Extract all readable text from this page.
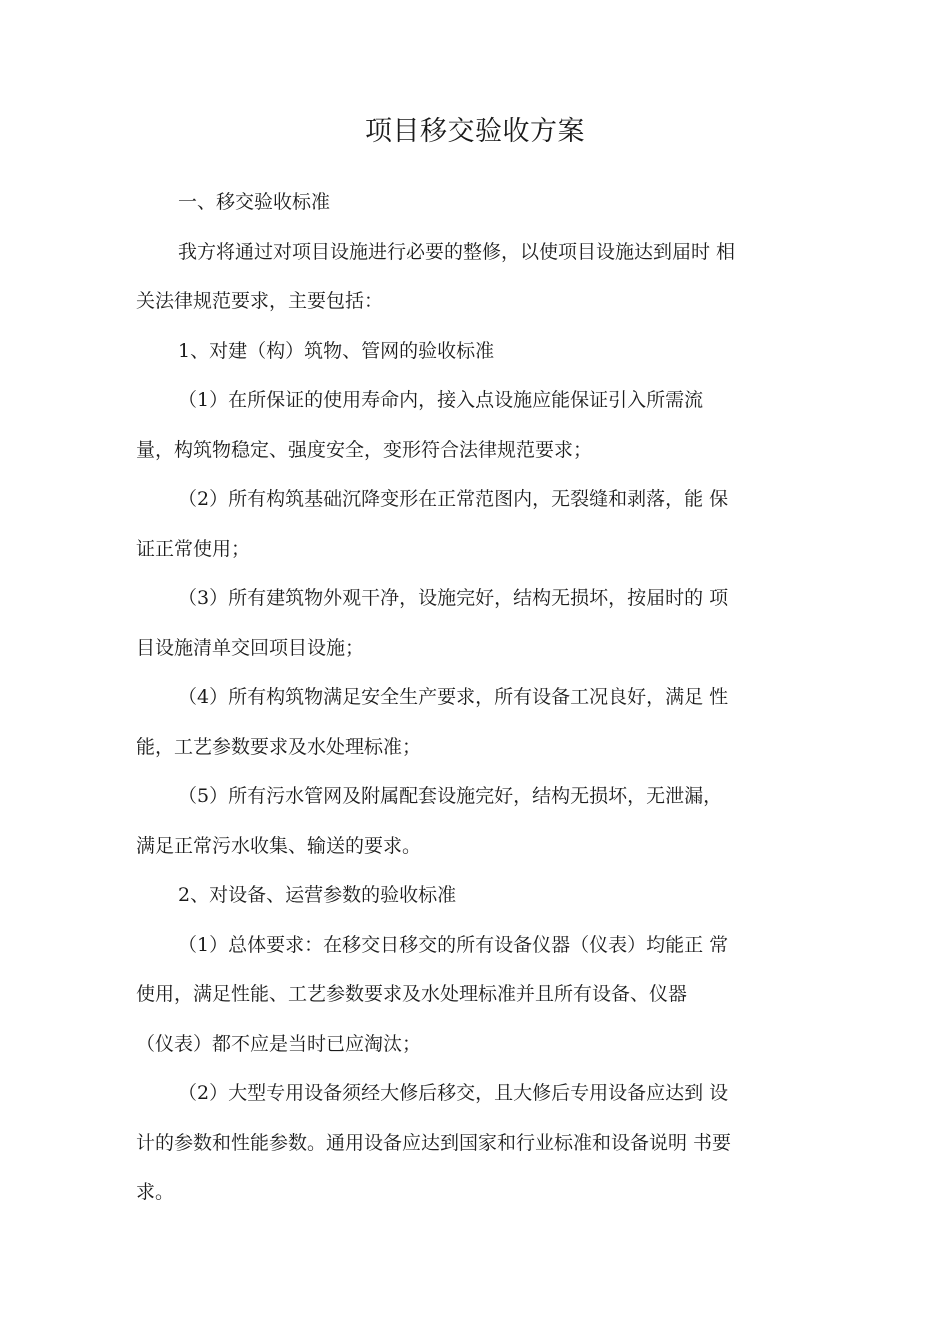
项目移交验收方案

一、移交验收标准

我方将通过对项目设施进行必要的整修，以使项目设施达到届时 相
关法律规范要求，主要包括：

1、对建（构）筑物、管网的验收标准

（1）在所保证的使用寿命内，接入点设施应能保证引入所需流
量，构筑物稳定、强度安全，变形符合法律规范要求；

（2）所有构筑基础沉降变形在正常范图内，无裂缝和剥落，能 保
证正常使用；

（3）所有建筑物外观干净，设施完好，结构无损坏，按届时的 项
目设施清单交回项目设施；

（4）所有构筑物满足安全生产要求，所有设备工况良好，满足 性
能，工艺参数要求及水处理标准；

（5）所有污水管网及附属配套设施完好，结构无损坏，无泄漏，
满足正常污水收集、输送的要求。

2、对设备、运营参数的验收标准

（1）总体要求：在移交日移交的所有设备仪器（仪表）均能正 常
使用，满足性能、工艺参数要求及水处理标准并且所有设备、仪器
（仪表）都不应是当时已应淘汰；

（2）大型专用设备须经大修后移交，且大修后专用设备应达到 设
计的参数和性能参数。通用设备应达到国家和行业标准和设备说明 书要
求。
